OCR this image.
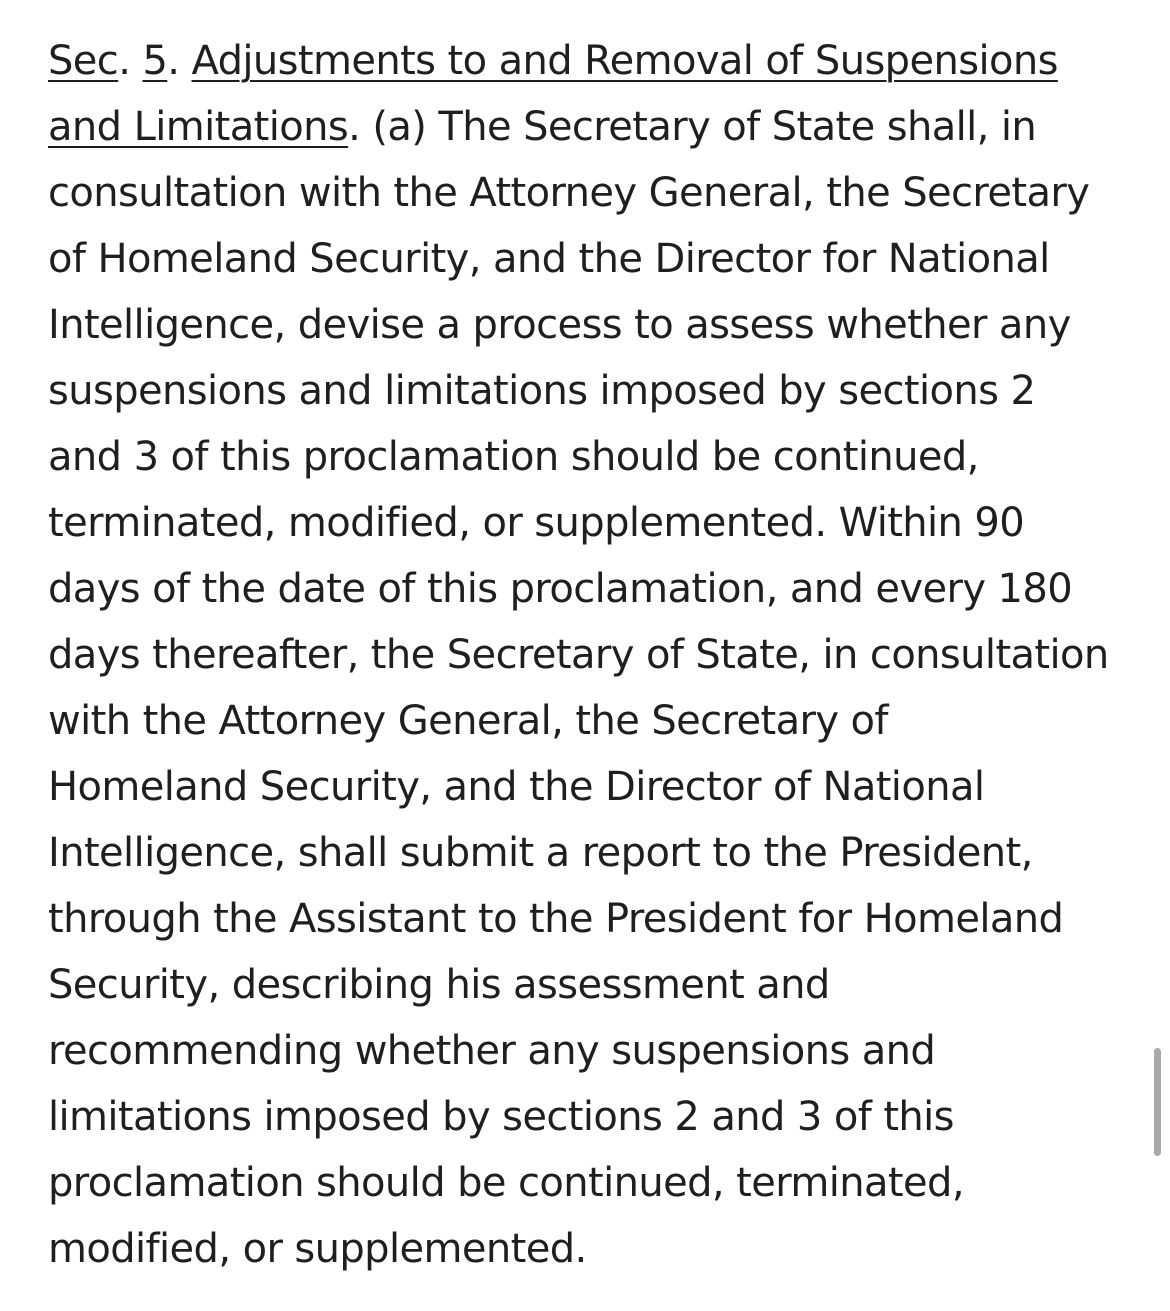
Sec. 5. Adjustments to and Removal of Suspensions
and Limitations. (a) The Secretary of State shall, in
consultation with the Attorney General, the Secretary
of Homeland Security, and the Director for National
Intelligence, devise a process to assess whether any
suspensions and limitations imposed by sections 2
and 3 of this proclamation should be continued,
terminated, modified, or supplemented. Within 90
days of the date of this proclamation, and every 180
days thereafter, the Secretary of State, in consultation
with the Attorney General, the Secretary of
Homeland Security, and the Director of National
Intelligence, shall submit a report to the President,
through the Assistant to the President for Homeland
Security, describing his assessment and
recommending whether any suspensions and
limitations imposed by sections 2 and 3 of this
proclamation should be continued, terminated,
modified, or supplemented.
